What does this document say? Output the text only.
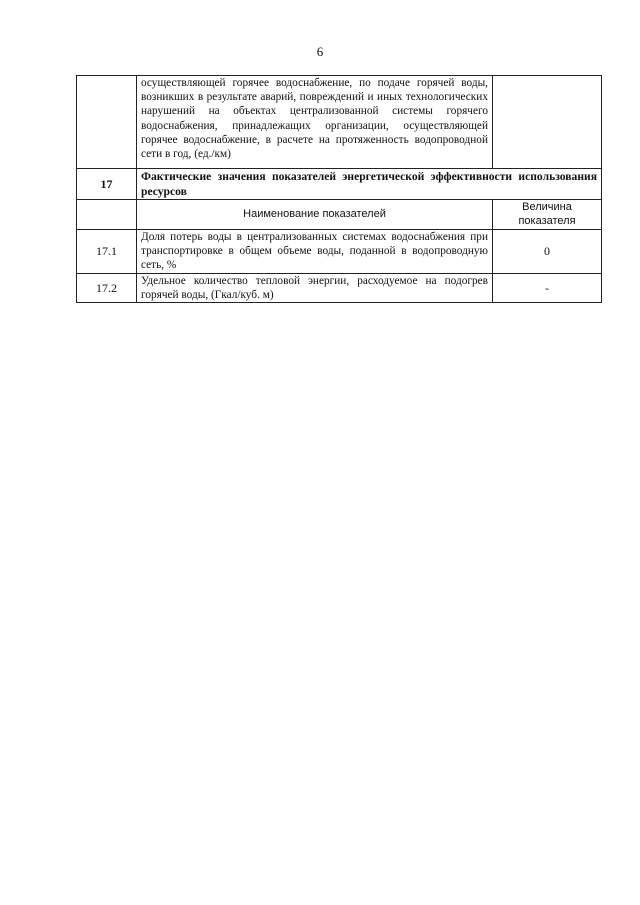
6
	осуществляющей горячее водоснабжение, по подаче горячей воды, возникших в результате аварий, повреждений и иных технологических нарушений на объектах централизованной системы горячего водоснабжения, принадлежащих организации, осуществляющей горячее водоснабжение, в расчете на протяженность водопроводной сети в год, (ед./км)	
17	Фактические значения показателей энергетической эффективности использования ресурсов	
	Наименование показателей	Величина показателя
17.1	Доля потерь воды в централизованных системах водоснабжения при транспортировке в общем объеме воды, поданной в водопроводную сеть, %	0
17.2	Удельное количество тепловой энергии, расходуемое на подогрев горячей воды, (Гкал/куб. м)	-
